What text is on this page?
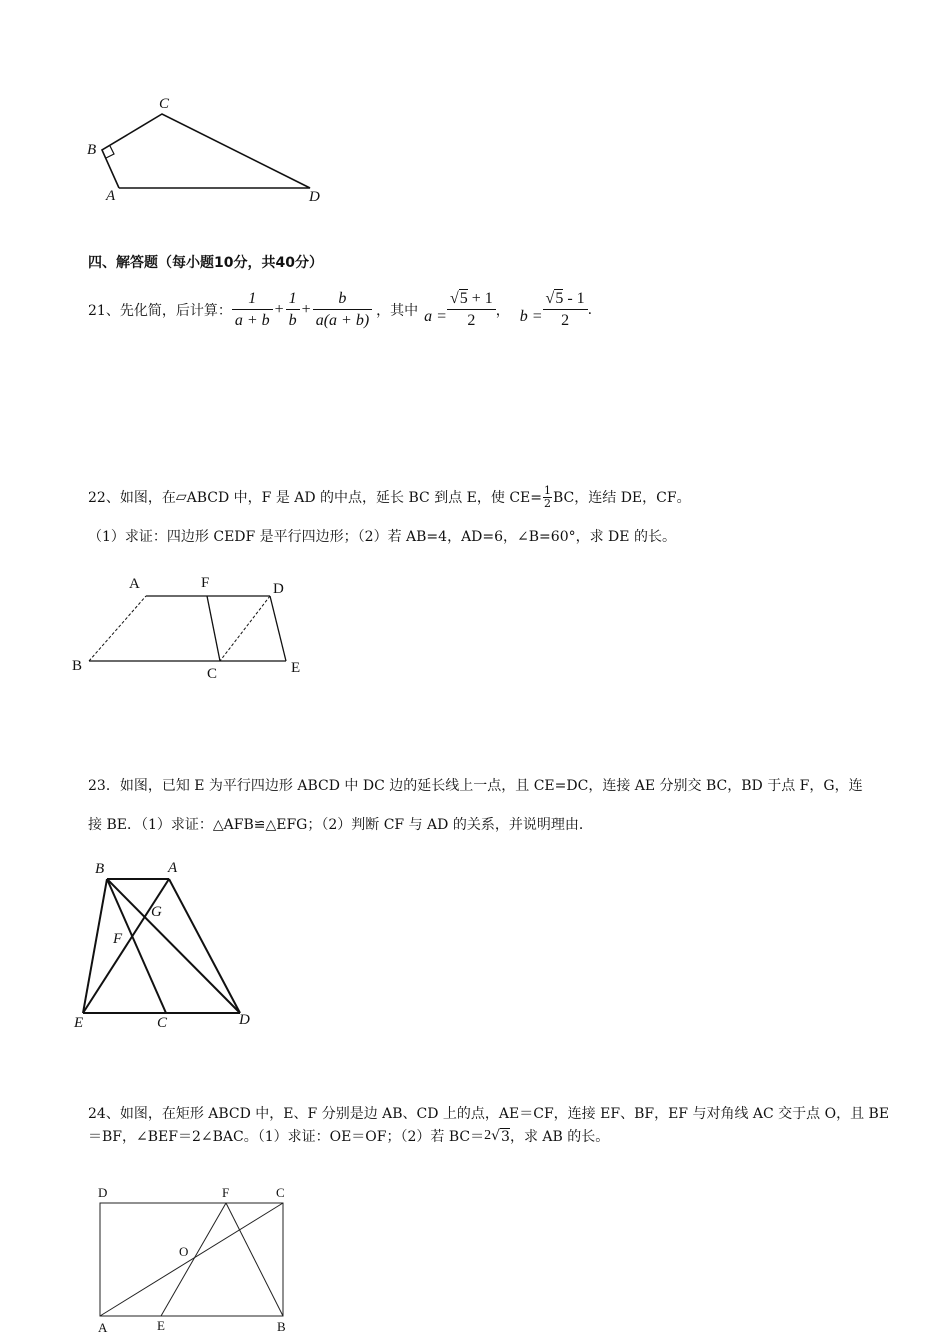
C
B
A	D
四、解答题（每小题10分，共40分）
21、先化简，后计算： $\frac{1}{a + b} + \frac{1}{b} + \frac{b}{a(a + b)}$ ，其中 $a = \frac{√5 + 1}{2}$ ， $b = \frac{√5 - 1}{2}$ .
22、如图，在 ▱ ABCD 中，F 是 AD 的中点，延长 BC 到点 E，使 $CE= \frac{1}{2}$ BC，连结 DE，CF。
（1）求证：四边形 CEDF 是平行四边形；（2）若 AB=4，AD=6，∠B=60°，求 DE 的长。
A	F	D
B	C	E
23．如图，已知 E 为平行四边形 ABCD 中 DC 边的延长线上一点，且 CE=DC，连接 AE 分别交 BC，BD 于点 F，G，连
接 BE．（1）求证：△AFB≌△EFG；（2）判断 CF 与 AD 的关系，并说明理由．
B	A
G
F
E	C	D
24、如图，在矩形 ABCD 中，E、F 分别是边 AB、CD 上的点，AE＝CF，连接 EF、BF，EF 与对角线 AC 交于点 O，且 BE
＝BF，∠BEF＝2∠BAC。（1）求证：OE＝OF；（2）若 BC＝ 2 √ 3 ，求 AB 的长。
D	F	C
O
A	E	B
